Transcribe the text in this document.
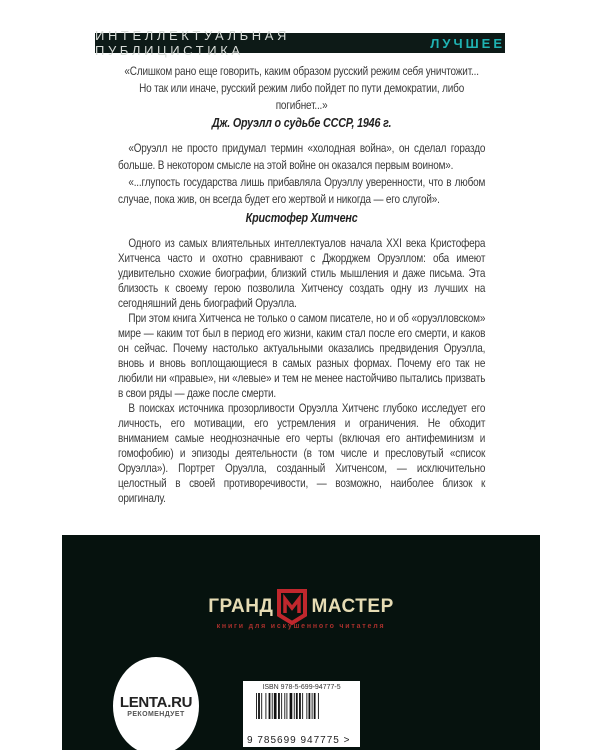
ИНТЕЛЛЕКТУАЛЬНАЯ ПУБЛИЦИСТИКА	ЛУЧШЕЕ

«Слишком рано еще говорить, каким образом русский режим себя уничтожит...

Но так или иначе, русский режим либо пойдет по пути демократии, либо погибнет...»

Дж. Оруэлл о судьбе СССР, 1946 г.

«Оруэлл не просто придумал термин «холодная война», он сделал гораздо больше. В некотором смысле на этой войне он оказался первым воином».

«...глупость государства лишь прибавляла Оруэллу уверенности, что в любом случае, пока жив, он всегда будет его жертвой и никогда — его слугой».

Кристофер Хитченс

Одного из самых влиятельных интеллектуалов начала XXI века Кристофера Хитченса часто и охотно сравнивают с Джорджем Оруэллом: оба имеют удивительно схожие биографии, близкий стиль мышления и даже письма. Эта близость к своему герою позволила Хитченсу создать одну из лучших на сегодняшний день биографий Оруэлла.

При этом книга Хитченса не только о самом писателе, но и об «оруэлловском» мире — каким тот был в период его жизни, каким стал после его смерти, и каков он сейчас. Почему настолько актуальными оказались предвидения Оруэлла, вновь и вновь воплощающиеся в самых разных формах. Почему его так не любили ни «правые», ни «левые» и тем не менее настойчиво пытались призвать в свои ряды — даже после смерти.

В поисках источника прозорливости Оруэлла Хитченс глубоко исследует его личность, его мотивации, его устремления и ограничения. Не обходит вниманием самые неоднозначные его черты (включая его антифеминизм и гомофобию) и эпизоды деятельности (в том числе и пресловутый «список Оруэлла»). Портрет Оруэлла, созданный Хитченсом, — исключительно целостный в своей противоречивости, — возможно, наиболее близок к оригиналу.

ГРАНД МАСТЕР
книги для искушенного читателя
LENTA.RU
РЕКОМЕНДУЕТ
ISBN 978-5-699-94777-5
9 785699 947775 >
